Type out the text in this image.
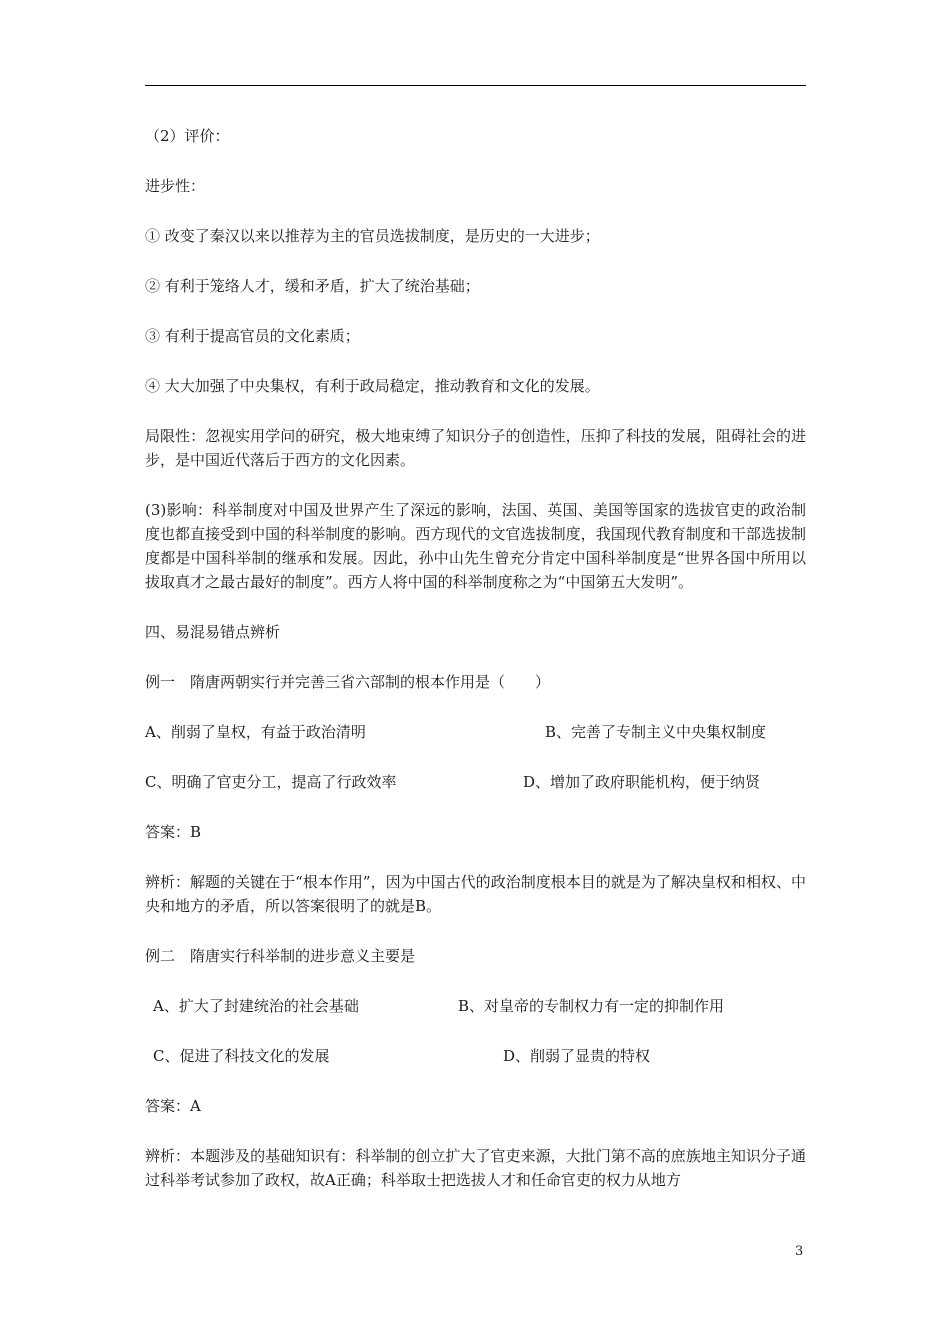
（2）评价：

进步性：

① 改变了秦汉以来以推荐为主的官员选拔制度，是历史的一大进步；

② 有利于笼络人才，缓和矛盾，扩大了统治基础；

③ 有利于提高官员的文化素质；

④ 大大加强了中央集权，有利于政局稳定，推动教育和文化的发展。

局限性：忽视实用学问的研究，极大地束缚了知识分子的创造性，压抑了科技的发展，阻碍社会的进步，是中国近代落后于西方的文化因素。

(3)影响：科举制度对中国及世界产生了深远的影响，法国、英国、美国等国家的选拔官吏的政治制度也都直接受到中国的科举制度的影响。西方现代的文官选拔制度，我国现代教育制度和干部选拔制度都是中国科举制的继承和发展。因此，孙中山先生曾充分肯定中国科举制度是“世界各国中所用以拔取真才之最古最好的制度”。西方人将中国的科举制度称之为“中国第五大发明”。

四、易混易错点辨析

例一　隋唐两朝实行并完善三省六部制的根本作用是（　　）

A、削弱了皇权，有益于政治清明	B、完善了专制主义中央集权制度
C、明确了官吏分工，提高了行政效率	D、增加了政府职能机构，便于纳贤

答案：B

辨析：解题的关键在于“根本作用”，因为中国古代的政治制度根本目的就是为了解决皇权和相权、中央和地方的矛盾，所以答案很明了的就是B。

例二　隋唐实行科举制的进步意义主要是

A、扩大了封建统治的社会基础	B、对皇帝的专制权力有一定的抑制作用
C、促进了科技文化的发展	D、削弱了显贵的特权

答案：A

辨析：本题涉及的基础知识有：科举制的创立扩大了官吏来源，大批门第不高的庶族地主知识分子通过科举考试参加了政权，故A正确；科举取士把选拔人才和任命官吏的权力从地方

3
